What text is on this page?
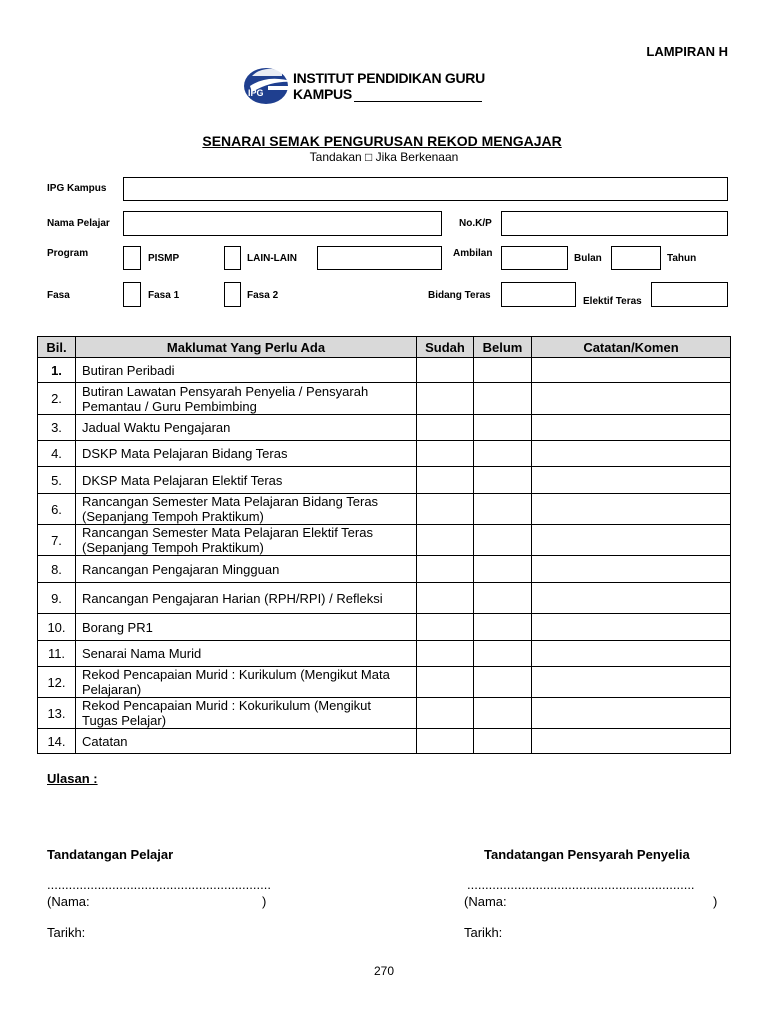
LAMPIRAN H
IPG
INSTITUT PENDIDIKAN GURU
KAMPUS
SENARAI SEMAK PENGURUSAN REKOD MENGAJAR
Tandakan □ Jika Berkenaan
IPG Kampus
Nama Pelajar	No.K/P
Program	PISMP	LAIN-LAIN	Ambilan	Bulan	Tahun
Fasa	Fasa 1	Fasa 2	Bidang Teras
Elektif Teras
Bil.	Maklumat Yang Perlu Ada	Sudah	Belum	Catatan/Komen
1.	Butiran Peribadi			
2.	Butiran Lawatan Pensyarah Penyelia / Pensyarah Pemantau / Guru Pembimbing			
3.	Jadual Waktu Pengajaran			
4.	DSKP Mata Pelajaran Bidang Teras			
5.	DKSP Mata Pelajaran Elektif Teras			
6.	Rancangan Semester Mata Pelajaran Bidang Teras (Sepanjang Tempoh Praktikum)			
7.	Rancangan Semester Mata Pelajaran Elektif Teras (Sepanjang Tempoh Praktikum)			
8.	Rancangan Pengajaran Mingguan			
9.	Rancangan Pengajaran Harian (RPH/RPI) / Refleksi			
10.	Borang PR1			
11.	Senarai Nama Murid			
12.	Rekod Pencapaian Murid : Kurikulum (Mengikut Mata Pelajaran)			
13.	Rekod Pencapaian Murid : Kokurikulum (Mengikut Tugas Pelajar)			
14.	Catatan			
Ulasan :
Tandatangan Pelajar	Tandatangan Pensyarah Penyelia
..............................................................	...............................................................
(Nama:	)	(Nama:	)
Tarikh:	Tarikh:
270
